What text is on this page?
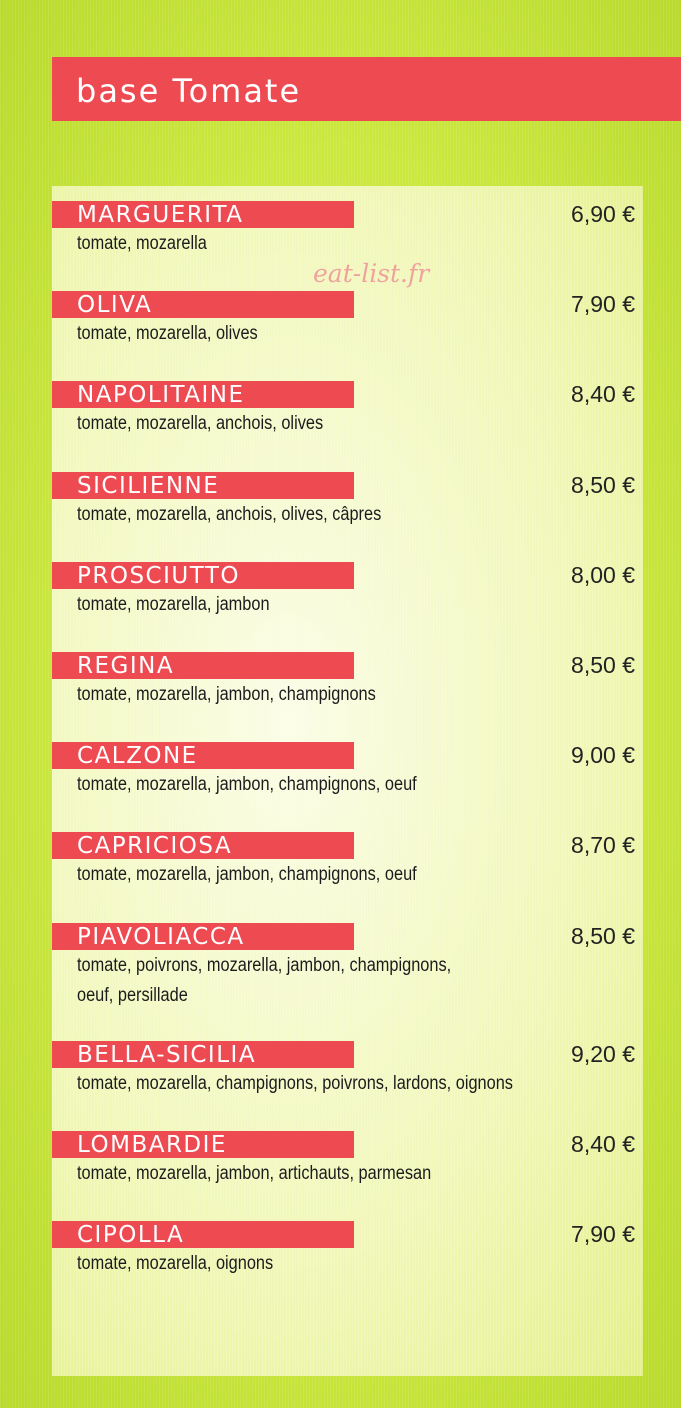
base Tomate
MARGUERITA	6,90 €
tomate, mozarella
OLIVA	7,90 €
tomate, mozarella, olives
NAPOLITAINE	8,40 €
tomate, mozarella, anchois, olives
SICILIENNE	8,50 €
tomate, mozarella, anchois, olives, câpres
PROSCIUTTO	8,00 €
tomate, mozarella, jambon
REGINA	8,50 €
tomate, mozarella, jambon, champignons
CALZONE	9,00 €
tomate, mozarella, jambon, champignons, oeuf
CAPRICIOSA	8,70 €
tomate, mozarella, jambon, champignons, oeuf
PIAVOLIACCA	8,50 €
tomate, poivrons, mozarella, jambon, champignons,
oeuf, persillade
BELLA-SICILIA	9,20 €
tomate, mozarella, champignons, poivrons, lardons, oignons
LOMBARDIE	8,40 €
tomate, mozarella, jambon, artichauts, parmesan
CIPOLLA	7,90 €
tomate, mozarella, oignons
eat-list.fr
